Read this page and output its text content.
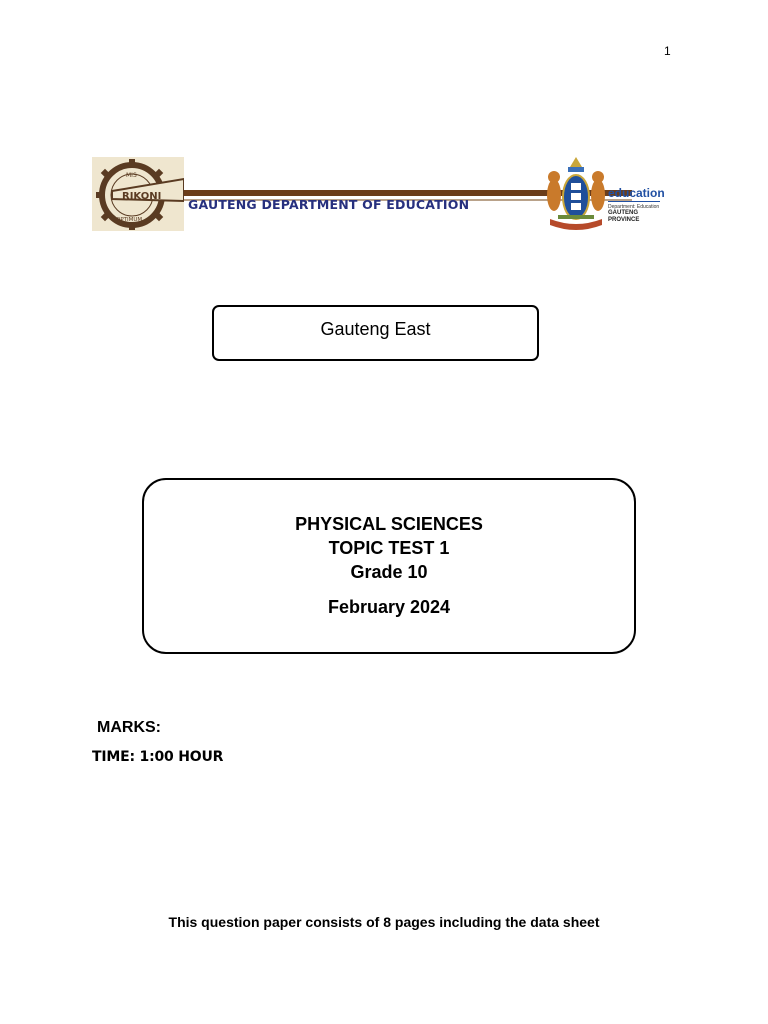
1
MIS
RIKONI
OPTIMUM
GAUTENG DEPARTMENT OF EDUCATION
education
Department: Education
GAUTENG PROVINCE
Gauteng East
PHYSICAL SCIENCES
TOPIC TEST 1
Grade 10
February 2024
MARKS:
TIME: 1:00 HOUR
This question paper consists of 8 pages including the data sheet
